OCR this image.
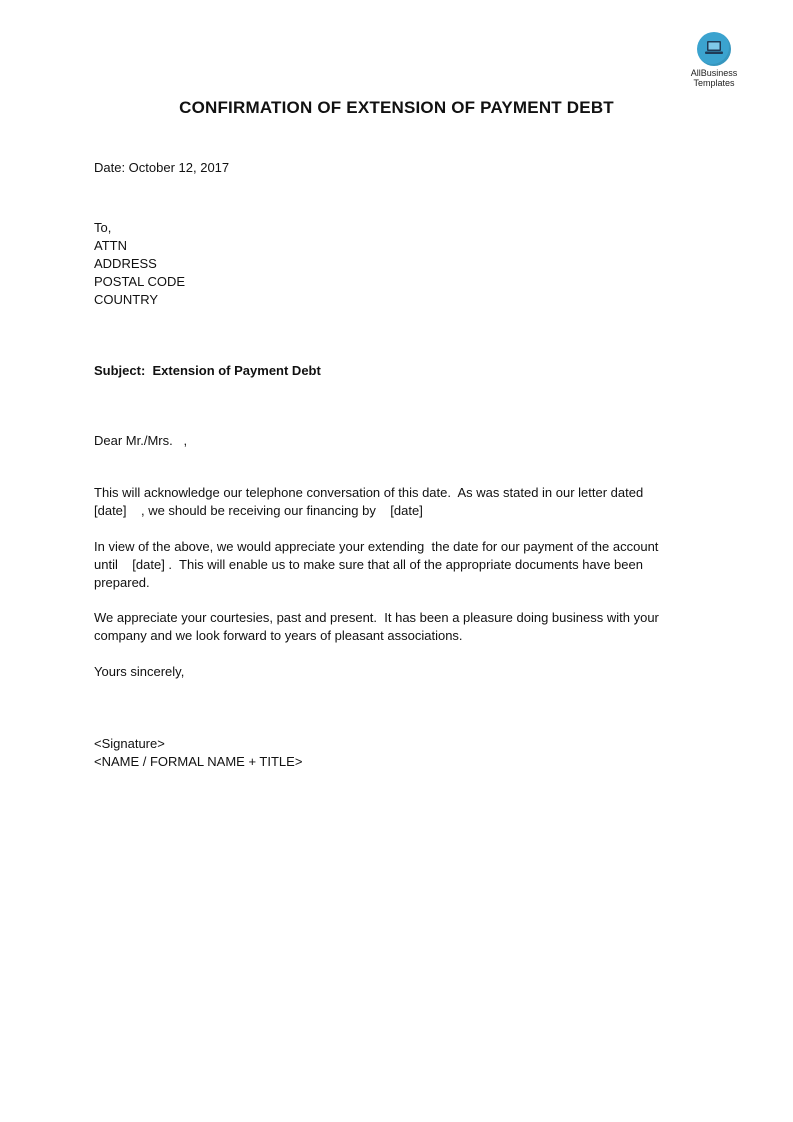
AllBusiness
Templates
CONFIRMATION OF EXTENSION OF PAYMENT DEBT
Date: October 12, 2017
To,
ATTN
ADDRESS
POSTAL CODE
COUNTRY
Subject:  Extension of Payment Debt
Dear Mr./Mrs.   ,
This will acknowledge our telephone conversation of this date.  As was stated in our letter dated
[date]    , we should be receiving our financing by    [date]
In view of the above, we would appreciate your extending  the date for our payment of the account
until    [date] .  This will enable us to make sure that all of the appropriate documents have been
prepared.
We appreciate your courtesies, past and present.  It has been a pleasure doing business with your
company and we look forward to years of pleasant associations.
Yours sincerely,
<Signature>
<NAME / FORMAL NAME + TITLE>
